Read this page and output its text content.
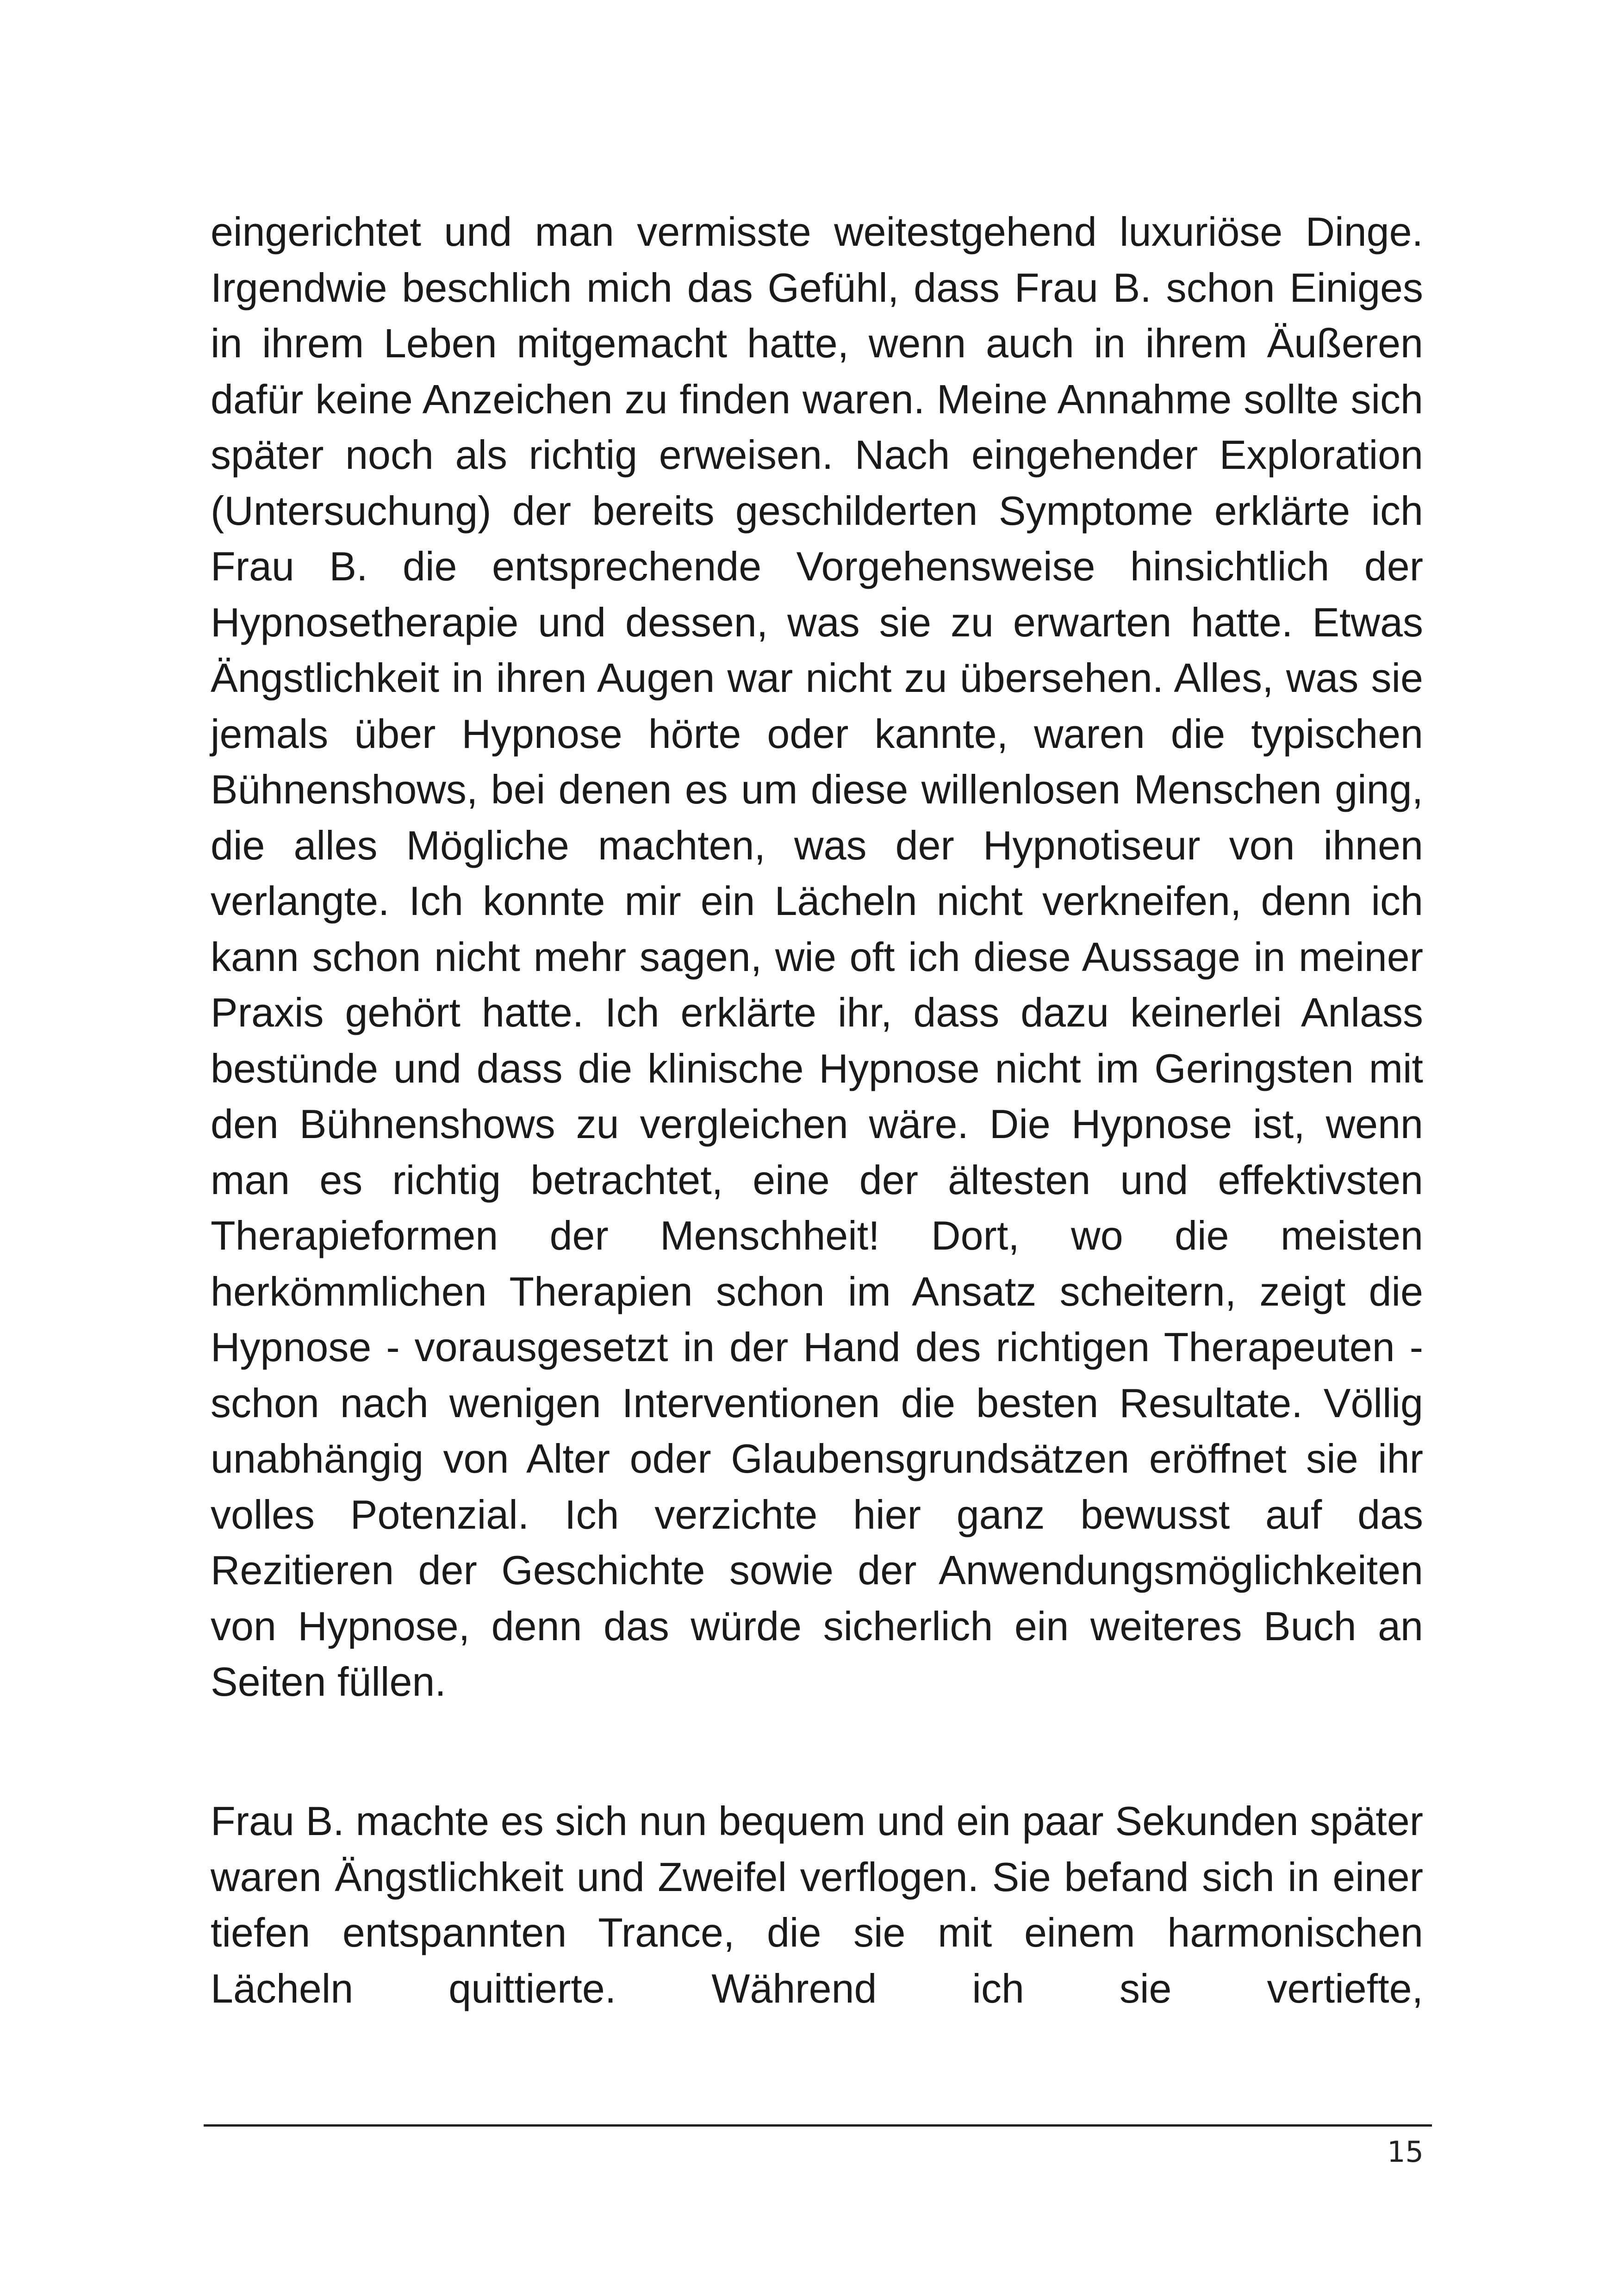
eingerichtet und man vermisste weitestgehend luxuriöse Dinge. Irgendwie beschlich mich das Gefühl, dass Frau B. schon Einiges in ihrem Leben mitgemacht hatte, wenn auch in ihrem Äußeren dafür keine Anzeichen zu finden waren. Meine Annahme sollte sich später noch als richtig erweisen. Nach eingehender Exploration (Untersuchung) der bereits geschilderten Symptome erklärte ich Frau B. die entsprechende Vorgehensweise hinsichtlich der Hypnosetherapie und dessen, was sie zu erwarten hatte. Etwas Ängstlichkeit in ihren Augen war nicht zu übersehen. Alles, was sie jemals über Hypnose hörte oder kannte, waren die typischen Bühnenshows, bei denen es um diese willenlosen Menschen ging, die alles Mögliche machten, was der Hypnotiseur von ihnen verlangte. Ich konnte mir ein Lächeln nicht verkneifen, denn ich kann schon nicht mehr sagen, wie oft ich diese Aussage in meiner Praxis gehört hatte. Ich erklärte ihr, dass dazu keinerlei Anlass bestünde und dass die klinische Hypnose nicht im Geringsten mit den Bühnenshows zu vergleichen wäre. Die Hypnose ist, wenn man es richtig betrachtet, eine der ältesten und effektivsten Therapieformen der Menschheit! Dort, wo die meisten herkömmlichen Therapien schon im Ansatz scheitern, zeigt die Hypnose - vorausgesetzt in der Hand des richtigen Therapeuten - schon nach wenigen Interventionen die besten Resultate. Völlig unabhängig von Alter oder Glaubensgrundsätzen eröffnet sie ihr volles Potenzial. Ich verzichte hier ganz bewusst auf das Rezitieren der Geschichte sowie der Anwendungsmöglichkeiten von Hypnose, denn das würde sicherlich ein weiteres Buch an Seiten füllen.

Frau B. machte es sich nun bequem und ein paar Sekunden später waren Ängstlichkeit und Zweifel verflogen. Sie befand sich in einer tiefen entspannten Trance, die sie mit einem harmonischen Lächeln quittierte. Während ich sie vertiefte,

15
